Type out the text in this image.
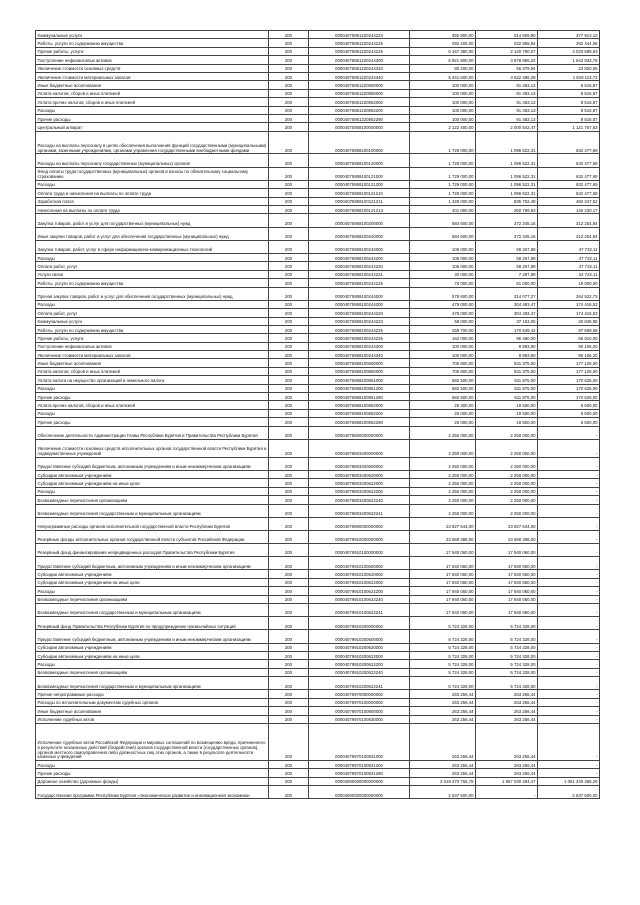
Коммунальные услуги	200	00004075951220244223	392 800,00	014 609,80	377 913,10
Работы, услуги по содержанию имущества	200	00004075951220244225	092 405,00	032 955,94	292 444,06
Прочие работы, услуги	200	00004075951220244226	6 167 380,00	2 140 790,07	4 020 589,93
Поступление нефинансовых активов	200	00004075951220244300	5 921 800,00	3 678 866,22	1 642 933,78
Увеличение стоимости основных средств	200	00004075951220244310	80 200,00	56 379,94	23 820,06
Увеличение стоимости материальных запасов	200	00004075951220244340	5 441 600,00	3 622 486,28	1 819 113,72
Иные бюджетные ассигнования	200	00004075951220800000	100 000,00	91 483,13	8 516,87
Уплата налогов, сборов и иных платежей	200	00004075951220850000	100 000,00	91 483,13	8 516,87
Уплата прочих налогов, сборов и иных платежей	200	00004075951220852000	100 000,00	91 483,13	8 516,87
Расходы	200	00004075951220852200	100 000,00	91 483,13	8 516,87
Прочие расходы	200	00004075951220852290	100 000,00	91 483,13	8 516,87
Центральный аппарат	200	00004075959100000000	2 122 400,00	2 000 642,47	1 121 757,53
Расходы на выплаты персоналу в целях обеспечения выполнения функций государственными (муниципальными) органами, казенными учреждениями, органами управления государственными внебюджетными фондами	200	00004075959100100000	1 729 000,00	1 096 522,31	632 477,69
Расходы на выплаты персоналу государственных (муниципальных) органов	200	00004075959100120000	1 729 000,00	1 096 522,31	632 477,69
Фонд оплаты труда государственных (муниципальных) органов и взносы по обязательному социальному страхованию	200	00004075959100121000	1 729 000,00	1 096 522,31	632 477,69
Расходы	200	00004075959100121200	1 729 000,00	1 096 522,31	632 477,69
Оплата труда и начисления на выплаты по оплате труда	200	00004075959100121210	1 729 000,00	1 096 522,31	632 477,69
Заработная плата	200	00004075959100121211	1 328 000,00	835 752,48	492 247,52
Начисления на выплаты по оплате труда	200	00004075959100121213	401 000,00	260 769,83	140 230,17
Закупка товаров, работ и услуг для государственных (муниципальных) нужд	200	00004075959100200000	684 600,00	372 345,16	312 254,84
Иные закупки товаров, работ и услуг для обеспечения государственных (муниципальных) нужд	200	00004075959100240000	684 600,00	372 345,16	312 254,84
Закупка товаров, работ, услуг в сфере информационно-коммуникационных технологий	200	00004075959100242000	106 000,00	58 267,89	47 732,11
Расходы	200	00004075959100242200	106 000,00	58 267,89	47 732,11
Оплата работ, услуг	200	00004075959100242220	106 000,00	58 267,89	47 732,11
Услуги связи	200	00004075959100242221	30 000,00	7 287,89	24 722,11
Работы, услуги по содержанию имущества	200	00004075959100242225	76 000,00	51 000,00	19 000,00
Прочая закупка товаров, работ и услуг для обеспечения государственных (муниципальных) нужд	200	00004075959100244000	578 600,00	314 077,27	264 522,73
Расходы	200	00004075959100244200	479 000,00	304 483,47	174 416,53
Оплата работ, услуг	200	00004075959100244220	479 000,00	304 483,47	174 416,53
Коммунальные услуги	200	00004075959100244223	58 000,00	37 153,05	20 846,95
Работы, услуги по содержанию имущества	200	00004075959100244225	259 700,00	170 649,42	87 659,58
Прочие работы, услуги	200	00004075959100244226	162 000,00	96 480,00	65 910,00
Поступление нефинансовых активов	200	00004075959100244300	100 000,00	9 893,80	90 106,20
Увеличение стоимости материальных запасов	200	00004075959100244340	100 000,00	9 893,80	90 106,20
Иные бюджетные ассигнования	200	00004075959100800000	708 800,00	531 375,00	177 125,00
Уплата налогов, сборов и иных платежей	200	00004075959100850000	708 800,00	531 375,00	177 125,00
Уплата налога на имущество организаций и земельного налога	200	00004075959100851000	682 500,00	511 875,00	170 625,00
Расходы	200	00004075959100851200	682 500,00	511 875,00	170 625,00
Прочие расходы	200	00004075959100851290	682 500,00	511 875,00	170 625,00
Уплата прочих налогов, сборов и иных платежей	200	00004075959100852000	26 300,00	19 500,00	6 500,00
Расходы	200	00004075959100852200	26 000,00	19 500,00	6 500,00
Прочие расходы	200	00004075959100852290	26 000,00	19 500,00	6 500,00
Обеспечение деятельности Администрации Главы Республики Бурятия и Правительства Республики Бурятия	200	00004078800000000000	2 250 000,00	2 250 000,00	-
Увеличение стоимости основных средств исполнительных органов государственной власти Республики Бурятия и подведомственных учреждений	200	00004078803400000000	2 250 000,00	2 250 000,00	-
Предоставление субсидий бюджетным, автономным учреждениям и иным некоммерческим организациям	200	00004078803400600000	2 250 000,00	2 250 000,00	-
Субсидии автономным учреждениям	200	00004078803400620000	2 250 000,00	2 250 000,00	-
Субсидии автономным учреждениям на иные цели	200	00004078803400622000	2 250 000,00	2 250 000,00	-
Расходы	200	00004078803400622200	2 250 000,00	2 250 000,00	-
Безвозмездные перечисления организациям	200	00004078803400622240	2 250 000,00	2 250 000,00	-
Безвозмездные перечисления государственным и муниципальным организациям	200	00004078803400622241	2 250 000,00	2 250 000,00	-
Непрограммные расходы органов исполнительной государственной власти Республики Бурятия	200	00004079900000000000	23 827 644,00	23 827 644,00	-
Резервные фонды исполнительных органов государственной власти субъектов Российской Федерации	200	00004079910000000000	23 669 388,00	23 669 388,00	-
Резервный фонд финансирования непредвиденных расходов Правительства Республики Бурятия	200	00004079910100000000	17 940 060,00	17 940 060,00	-
Предоставление субсидий бюджетным, автономным учреждениям и иным некоммерческим организациям	200	00004079910100600000	17 940 060,00	17 940 060,00	-
Субсидии автономным учреждениям	200	00004079910100620000	17 940 060,00	17 940 060,00	-
Субсидии автономным учреждениям на иные цели	200	00004079910100622000	17 940 060,00	17 940 060,00	-
Расходы	200	00004079910100622200	17 940 060,00	17 940 060,00	-
Безвозмездные перечисления организациям	200	00004079910100622240	17 940 060,00	17 940 060,00	-
Безвозмездные перечисления государственным и муниципальным организациям	200	00004079910100622241	17 940 060,00	17 940 060,00	-
Резервный фонд Правительства Республики Бурятия по предупреждению чрезвычайных ситуаций	200	00004079910200000000	5 724 328,00	5 724 328,00	-
Предоставление субсидий бюджетным, автономным учреждениям и иным некоммерческим организациям	200	00004079910200600000	5 724 328,00	5 724 328,00	-
Субсидии автономным учреждениям	200	00004079910200620000	5 724 328,00	5 724 328,00	-
Субсидии автономным учреждениям на иные цели	200	00004079910200622000	5 724 328,00	5 724 328,00	-
Расходы	200	00004079910200622200	5 724 328,00	5 724 328,00	-
Безвозмездные перечисления организациям	200	00004079910200622240	5 724 328,00	5 724 328,00	-
Безвозмездные перечисления государственным и муниципальным организациям	200	00004079910200622241	5 724 328,00	5 724 328,00	-
Прочие непрограммные расходы	200	00004079970000000000	263 256,44	263 256,44	-
Расходы по исполнительным документам судебных органов	200	00004079970100000000	263 256,44	263 256,44	-
Иные бюджетные ассигнования	200	00004079970100800000	263 256,44	263 256,44	-
Исполнение судебных актов	200	00004079970100830000	263 256,44	263 256,44	-
Исполнение судебных актов Российской Федерации и мировых соглашений по возмещению вреда, причиненного в результате незаконных действий (бездействия) органов государственной власти (государственных органов), органов местного самоуправления либо должностных лиц этих органов, а также в результате деятельности казенных учреждений	200	00004079970100831000	263 256,44	263 256,44	-
Расходы	200	00004079970100831200	263 256,44	263 256,44	-
Прочие расходы	200	00004079970100831290	263 256,44	263 256,44	-
Дорожное хозяйство (дорожные фонды)	200	00004090000000000000	3 019 270 756,78	1 957 030 284,47	1 061 240 466,29
Государственная программа Республики Бурятия «Экономическое развитие и инновационная экономика»	200	00004090300000000000	2 537 500,00	-	2 537 500,00
